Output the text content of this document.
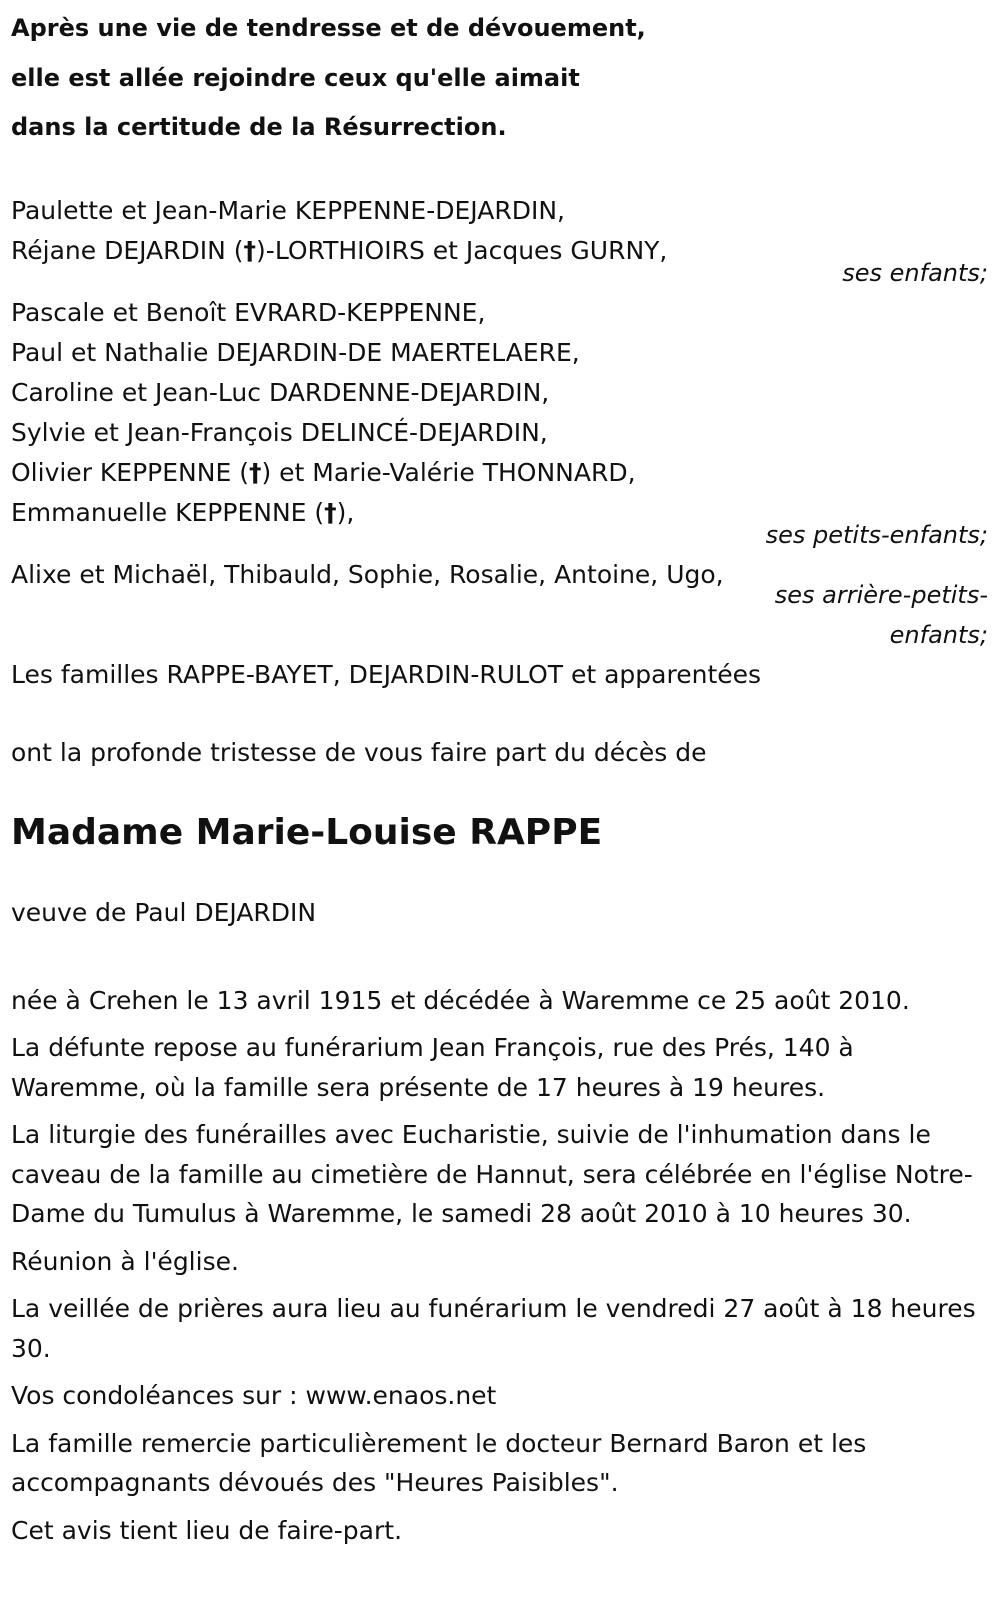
Après une vie de tendresse et de dévouement,
elle est allée rejoindre ceux qu'elle aimait
dans la certitude de la Résurrection.
Paulette et Jean-Marie KEPPENNE-DEJARDIN,
Réjane DEJARDIN (†)-LORTHIOIRS et Jacques GURNY,
ses enfants;
Pascale et Benoît EVRARD-KEPPENNE,
Paul et Nathalie DEJARDIN-DE MAERTELAERE,
Caroline et Jean-Luc DARDENNE-DEJARDIN,
Sylvie et Jean-François DELINCÉ-DEJARDIN,
Olivier KEPPENNE (†) et Marie-Valérie THONNARD,
Emmanuelle KEPPENNE (†),
ses petits-enfants;
Alixe et Michaël, Thibauld, Sophie, Rosalie, Antoine, Ugo,
ses arrière-petits-
enfants;
Les familles RAPPE-BAYET, DEJARDIN-RULOT et apparentées
ont la profonde tristesse de vous faire part du décès de
Madame Marie-Louise RAPPE
veuve de Paul DEJARDIN
née à Crehen le 13 avril 1915 et décédée à Waremme ce 25 août 2010.
La défunte repose au funérarium Jean François, rue des Prés, 140 à Waremme, où la famille sera présente de 17 heures à 19 heures.
La liturgie des funérailles avec Eucharistie, suivie de l'inhumation dans le caveau de la famille au cimetière de Hannut, sera célébrée en l'église Notre-Dame du Tumulus à Waremme, le samedi 28 août 2010 à 10 heures 30.
Réunion à l'église.
La veillée de prières aura lieu au funérarium le vendredi 27 août à 18 heures 30.
Vos condoléances sur : www.enaos.net
La famille remercie particulièrement le docteur Bernard Baron et les accompagnants dévoués des "Heures Paisibles".
Cet avis tient lieu de faire-part.
